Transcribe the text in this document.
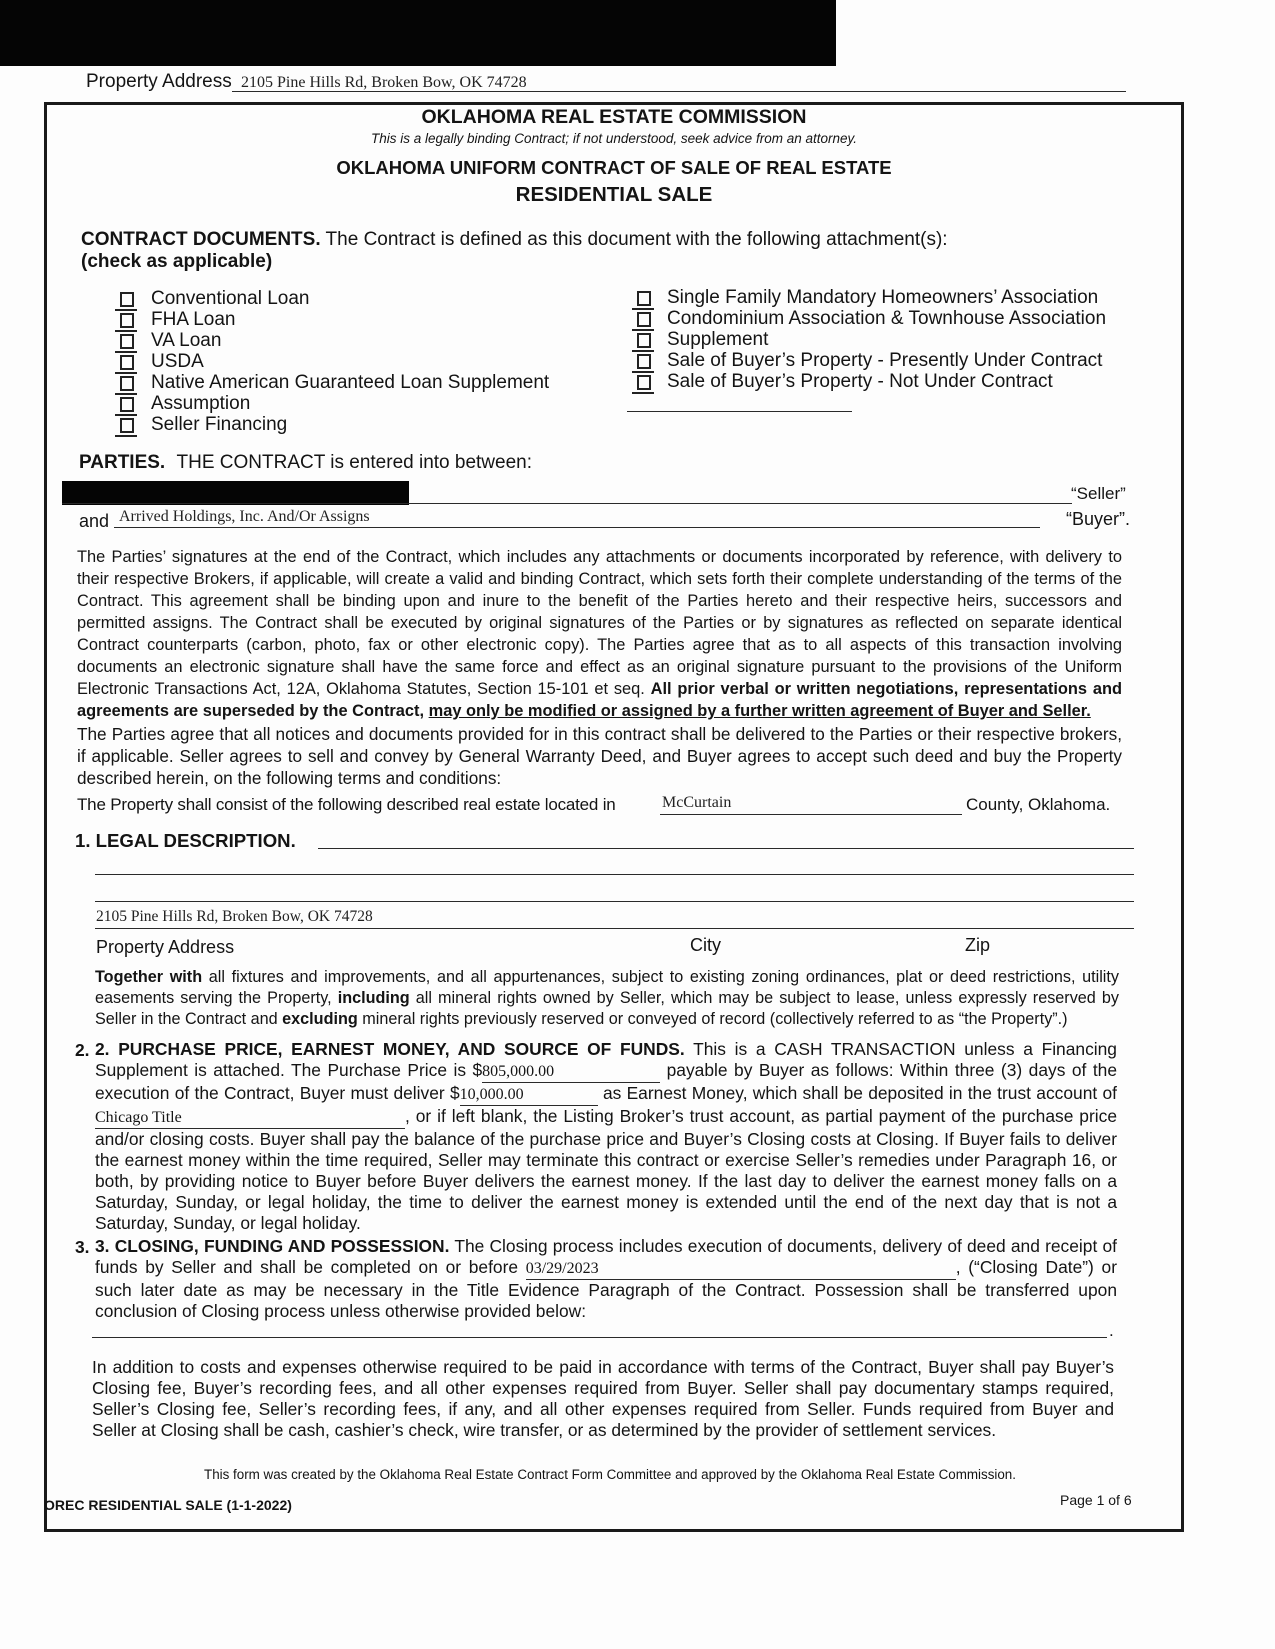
Property Address 2105 Pine Hills Rd, Broken Bow, OK 74728
OKLAHOMA REAL ESTATE COMMISSION
This is a legally binding Contract; if not understood, seek advice from an attorney.
OKLAHOMA UNIFORM CONTRACT OF SALE OF REAL ESTATE
RESIDENTIAL SALE
CONTRACT DOCUMENTS. The Contract is defined as this document with the following attachment(s):
(check as applicable)
Conventional Loan
FHA Loan
VA Loan
USDA
Native American Guaranteed Loan Supplement
Assumption
Seller Financing
Single Family Mandatory Homeowners’ Association
Condominium Association & Townhouse Association
Supplement
Sale of Buyer’s Property - Presently Under Contract
Sale of Buyer’s Property - Not Under Contract
PARTIES. THE CONTRACT is entered into between:
“Seller”
and Arrived Holdings, Inc. And/Or Assigns	“Buyer”.
The Parties’ signatures at the end of the Contract, which includes any attachments or documents incorporated by reference, with delivery to their respective Brokers, if applicable, will create a valid and binding Contract, which sets forth their complete understanding of the terms of the Contract. This agreement shall be binding upon and inure to the benefit of the Parties hereto and their respective heirs, successors and permitted assigns. The Contract shall be executed by original signatures of the Parties or by signatures as reflected on separate identical Contract counterparts (carbon, photo, fax or other electronic copy). The Parties agree that as to all aspects of this transaction involving documents an electronic signature shall have the same force and effect as an original signature pursuant to the provisions of the Uniform Electronic Transactions Act, 12A, Oklahoma Statutes, Section 15-101 et seq. All prior verbal or written negotiations, representations and agreements are superseded by the Contract, may only be modified or assigned by a further written agreement of Buyer and Seller.
The Parties agree that all notices and documents provided for in this contract shall be delivered to the Parties or their respective brokers, if applicable. Seller agrees to sell and convey by General Warranty Deed, and Buyer agrees to accept such deed and buy the Property described herein, on the following terms and conditions:
The Property shall consist of the following described real estate located in	McCurtain	County, Oklahoma.
1. LEGAL DESCRIPTION.
2105 Pine Hills Rd, Broken Bow, OK 74728
Property Address	City	Zip
Together with all fixtures and improvements, and all appurtenances, subject to existing zoning ordinances, plat or deed restrictions, utility easements serving the Property, including all mineral rights owned by Seller, which may be subject to lease, unless expressly reserved by Seller in the Contract and excluding mineral rights previously reserved or conveyed of record (collectively referred to as “the Property”.)
2. 2. PURCHASE PRICE, EARNEST MONEY, AND SOURCE OF FUNDS. This is a CASH TRANSACTION unless a Financing Supplement is attached. The Purchase Price is $805,000.00	payable by Buyer as follows: Within three (3) days of the execution of the Contract, Buyer must deliver $10,000.00	as Earnest Money, which shall be deposited in the trust account of Chicago Title	, or if left blank, the Listing Broker’s trust account, as partial payment of the purchase price and/or closing costs. Buyer shall pay the balance of the purchase price and Buyer’s Closing costs at Closing. If Buyer fails to deliver the earnest money within the time required, Seller may terminate this contract or exercise Seller’s remedies under Paragraph 16, or both, by providing notice to Buyer before Buyer delivers the earnest money. If the last day to deliver the earnest money falls on a Saturday, Sunday, or legal holiday, the time to deliver the earnest money is extended until the end of the next day that is not a Saturday, Sunday, or legal holiday.
3. 3. CLOSING, FUNDING AND POSSESSION. The Closing process includes execution of documents, delivery of deed and receipt of funds by Seller and shall be completed on or before 03/29/2023	, (“Closing Date”) or such later date as may be necessary in the Title Evidence Paragraph of the Contract. Possession shall be transferred upon conclusion of Closing process unless otherwise provided below:
.
In addition to costs and expenses otherwise required to be paid in accordance with terms of the Contract, Buyer shall pay Buyer’s Closing fee, Buyer’s recording fees, and all other expenses required from Buyer. Seller shall pay documentary stamps required, Seller’s Closing fee, Seller’s recording fees, if any, and all other expenses required from Seller. Funds required from Buyer and Seller at Closing shall be cash, cashier’s check, wire transfer, or as determined by the provider of settlement services.
This form was created by the Oklahoma Real Estate Contract Form Committee and approved by the Oklahoma Real Estate Commission.
OREC RESIDENTIAL SALE (1-1-2022)	Page 1 of 6
